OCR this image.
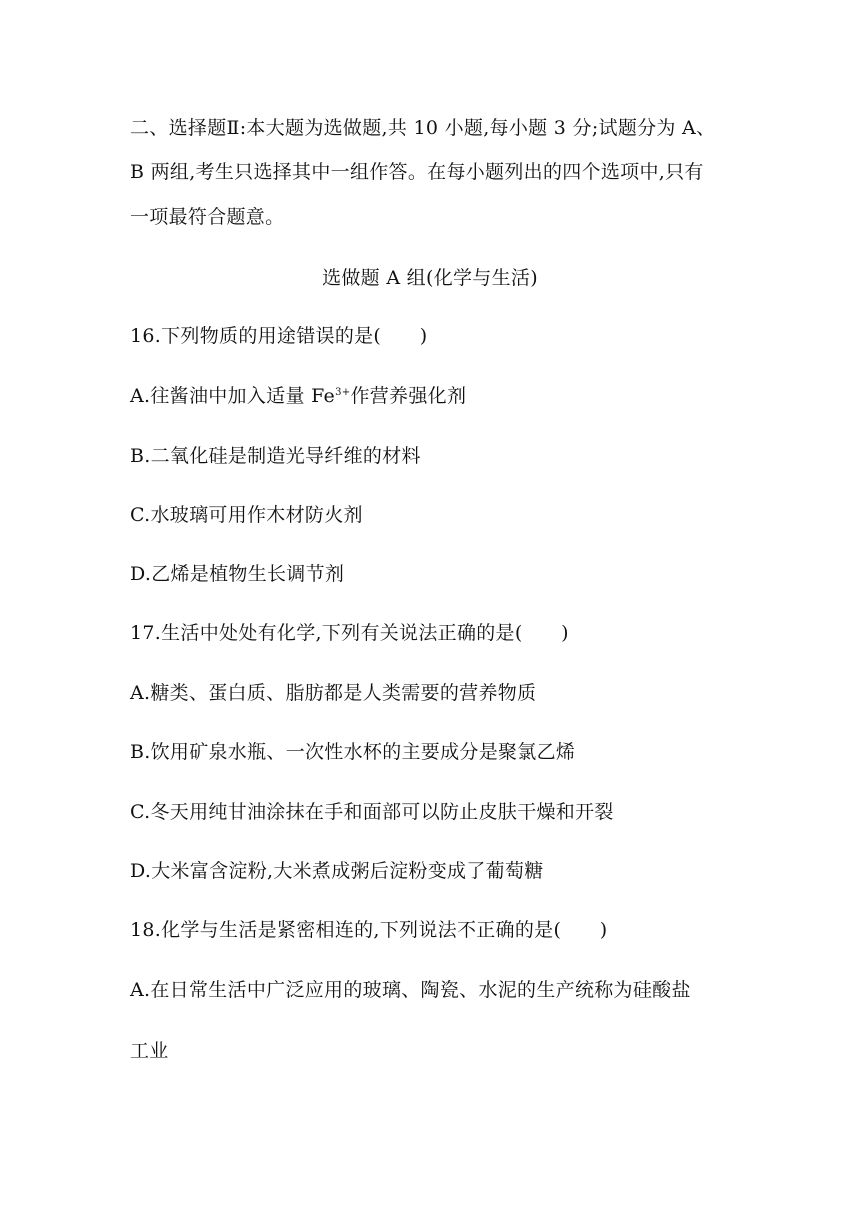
二、选择题Ⅱ:本大题为选做题,共 10 小题,每小题 3 分;试题分为 A、
B 两组,考生只选择其中一组作答。在每小题列出的四个选项中,只有
一项最符合题意。
选做题 A 组(化学与生活)
16.下列物质的用途错误的是(　　)
A.往酱油中加入适量 $Fe^{3+}$作营养强化剂
B.二氧化硅是制造光导纤维的材料
C.水玻璃可用作木材防火剂
D.乙烯是植物生长调节剂
17.生活中处处有化学,下列有关说法正确的是(　　)
A.糖类、蛋白质、脂肪都是人类需要的营养物质
B.饮用矿泉水瓶、一次性水杯的主要成分是聚氯乙烯
C.冬天用纯甘油涂抹在手和面部可以防止皮肤干燥和开裂
D.大米富含淀粉,大米煮成粥后淀粉变成了葡萄糖
18.化学与生活是紧密相连的,下列说法不正确的是(　　)
A.在日常生活中广泛应用的玻璃、陶瓷、水泥的生产统称为硅酸盐
工业
